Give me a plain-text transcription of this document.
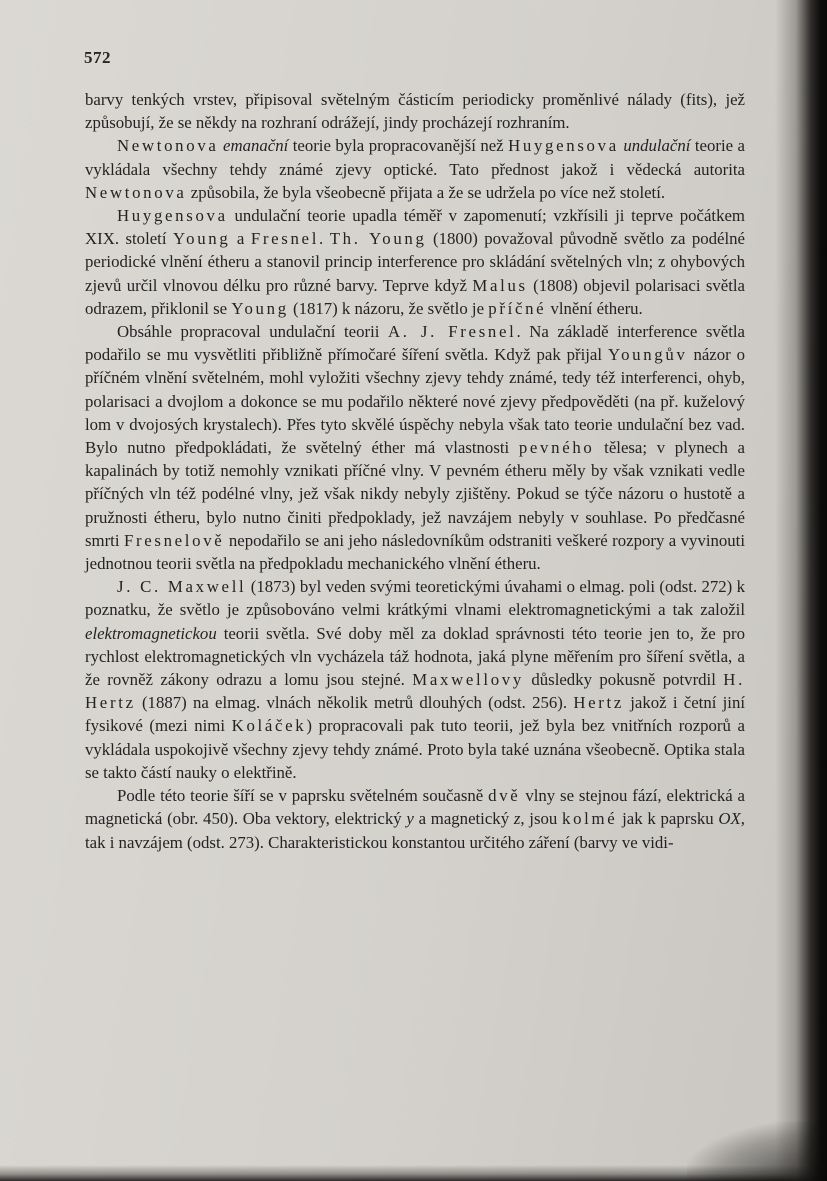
572

barvy tenkých vrstev, připisoval světelným částicím periodicky proměnlivé nálady (fits), jež způsobují, že se někdy na rozhraní odrážejí, jindy procházejí rozhraním.

Newtonova emanační teorie byla propracovanější než Huygensova undulační teorie a vykládala všechny tehdy známé zjevy optické. Tato přednost jakož i vědecká autorita Newtonova způsobila, že byla všeobecně přijata a že se udržela po více než století.

Huygensova undulační teorie upadla téměř v zapomenutí; vzkřísili ji teprve počátkem XIX. století Young a Fresnel. Th. Young (1800) považoval původně světlo za podélné periodické vlnění étheru a stanovil princip interference pro skládání světelných vln; z ohybových zjevů určil vlnovou délku pro různé barvy. Teprve když Malus (1808) objevil polarisaci světla odrazem, přiklonil se Young (1817) k názoru, že světlo je příčné vlnění étheru.

Obsáhle propracoval undulační teorii A. J. Fresnel. Na základě interference světla podařilo se mu vysvětliti přibližně přímočaré šíření světla. Když pak přijal Youngův názor o příčném vlnění světelném, mohl vyložiti všechny zjevy tehdy známé, tedy též interferenci, ohyb, polarisaci a dvojlom a dokonce se mu podařilo některé nové zjevy předpověděti (na př. kuželový lom v dvojosých krystalech). Přes tyto skvělé úspěchy nebyla však tato teorie undulační bez vad. Bylo nutno předpokládati, že světelný éther má vlastnosti pevného tělesa; v plynech a kapalinách by totiž nemohly vznikati příčné vlny. V pevném étheru měly by však vznikati vedle příčných vln též podélné vlny, jež však nikdy nebyly zjištěny. Pokud se týče názoru o hustotě a pružnosti étheru, bylo nutno činiti předpoklady, jež navzájem nebyly v souhlase. Po předčasné smrti Fresnelově nepodařilo se ani jeho následovníkům odstraniti veškeré rozpory a vyvinouti jednotnou teorii světla na předpokladu mechanického vlnění étheru.

J. C. Maxwell (1873) byl veden svými teoretickými úvahami o elmag. poli (odst. 272) k poznatku, že světlo je způsobováno velmi krátkými vlnami elektromagnetickými a tak založil elektromagnetickou teorii světla. Své doby měl za doklad správnosti této teorie jen to, že pro rychlost elektromagnetických vln vycházela táž hodnota, jaká plyne měřením pro šíření světla, a že rovněž zákony odrazu a lomu jsou stejné. Maxwellovy důsledky pokusně potvrdil H. Hertz (1887) na elmag. vlnách několik metrů dlouhých (odst. 256). Hertz jakož i četní jiní fysikové (mezi nimi Koláček) propracovali pak tuto teorii, jež byla bez vnitřních rozporů a vykládala uspokojivě všechny zjevy tehdy známé. Proto byla také uznána všeobecně. Optika stala se takto částí nauky o elektřině.

Podle této teorie šíří se v paprsku světelném současně dvě vlny se stejnou fází, elektrická a magnetická (obr. 450). Oba vektory, elektrický y a magnetický z, jsou kolmé jak k paprsku OX, tak i navzájem (odst. 273). Charakteristickou konstantou určitého záření (barvy ve vidi-
